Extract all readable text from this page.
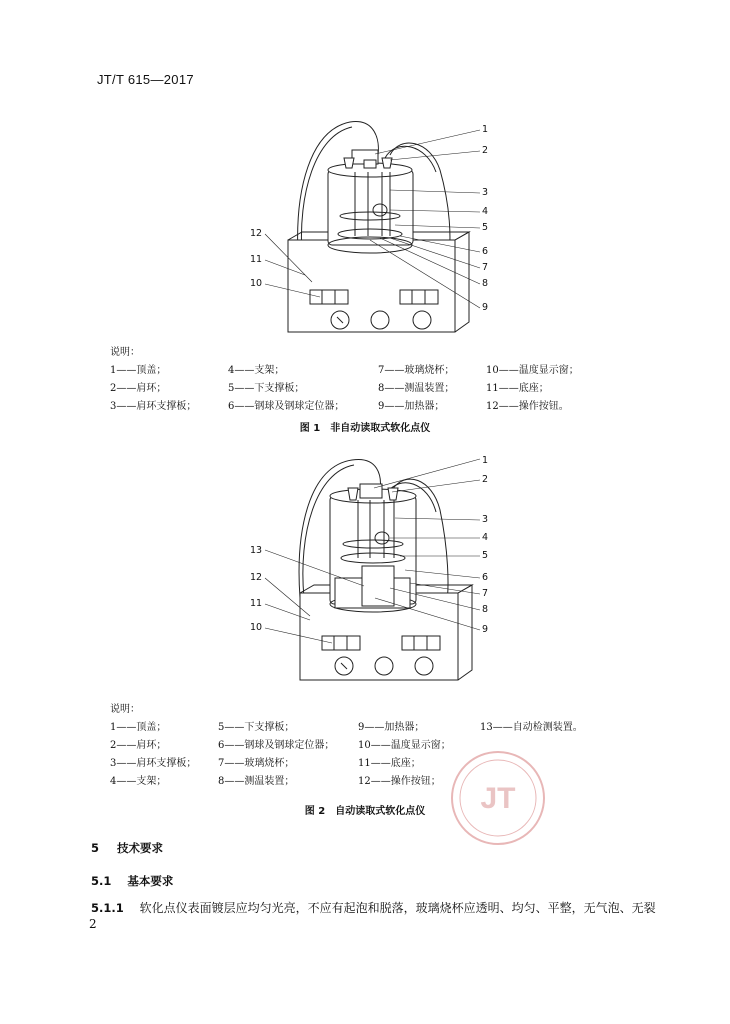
JT/T 615—2017
1
2
3
4
5
6
7
8
9
10
11
12
说明：
1——顶盖；	4——支架；	7——玻璃烧杯；	10——温度显示窗；
2——肩环；	5——下支撑板；	8——测温装置；	11——底座；
3——肩环支撑板；	6——钢球及钢球定位器；	9——加热器；	12——操作按钮。
图 1　非自动读取式软化点仪
1
2
3
4
5
6
7
8
9
10
11
12
13
说明：
1——顶盖；	5——下支撑板；	9——加热器；	13——自动检测装置。
2——肩环；	6——钢球及钢球定位器；	10——温度显示窗；
3——肩环支撑板；	7——玻璃烧杯；	11——底座；
4——支架；	8——测温装置；	12——操作按钮；
图 2　自动读取式软化点仪	JT
5 技术要求
5.1 基本要求
5.1.1 软化点仪表面镀层应均匀光亮，不应有起泡和脱落，玻璃烧杯应透明、均匀、平整，无气泡、无裂
2
